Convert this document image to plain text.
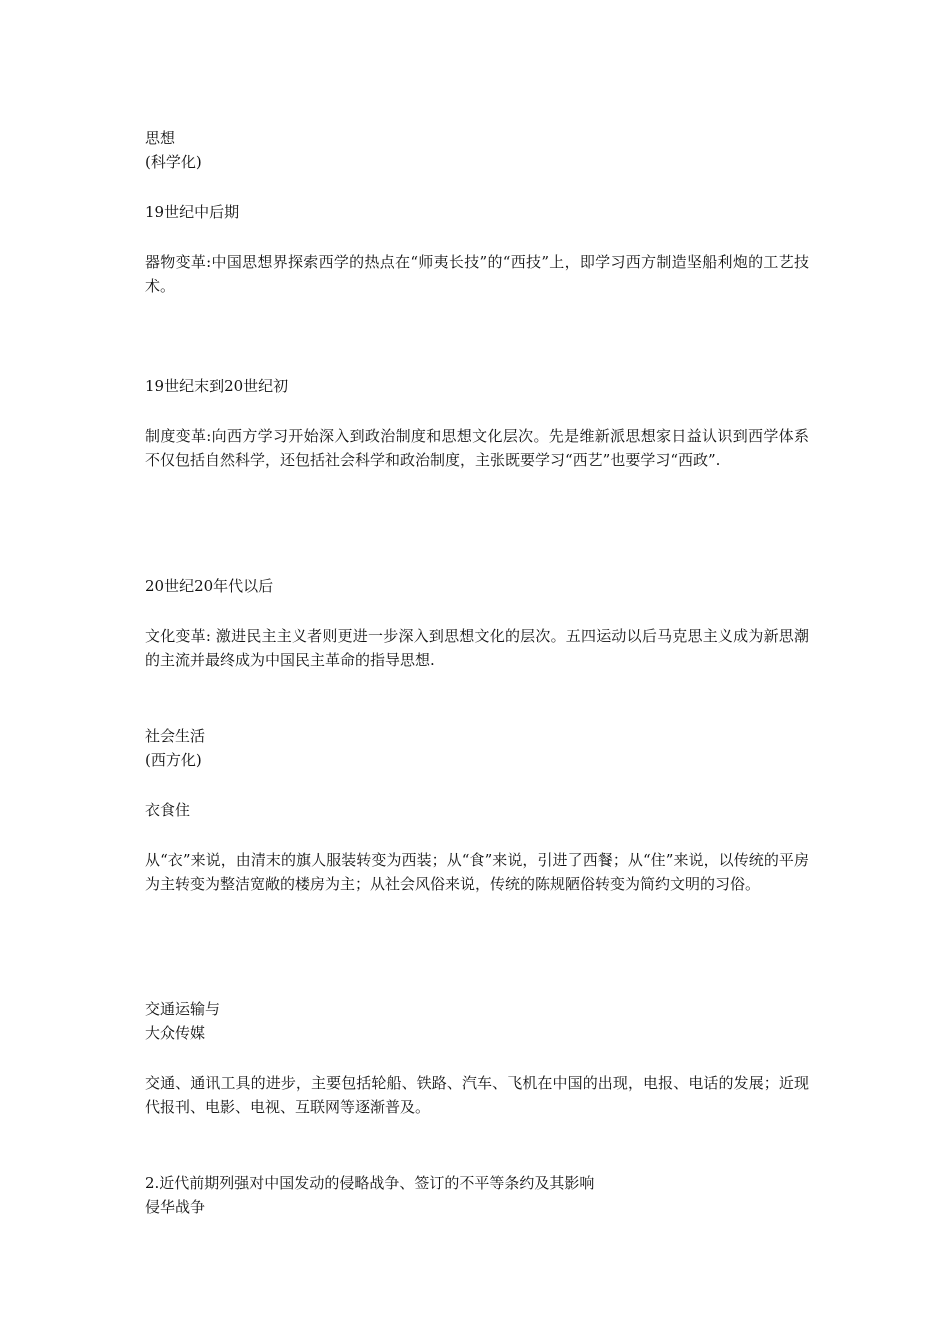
思想
(科学化)
19世纪中后期
器物变革:中国思想界探索西学的热点在“师夷长技”的“西技”上，即学习西方制造坚船利炮的工艺技术。
19世纪末到20世纪初
制度变革:向西方学习开始深入到政治制度和思想文化层次。先是维新派思想家日益认识到西学体系不仅包括自然科学，还包括社会科学和政治制度，主张既要学习“西艺”也要学习“西政”.
20世纪20年代以后
文化变革: 激进民主主义者则更进一步深入到思想文化的层次。五四运动以后马克思主义成为新思潮的主流并最终成为中国民主革命的指导思想.
社会生活
(西方化)
衣食住
从“衣”来说，由清末的旗人服装转变为西装；从“食”来说，引进了西餐；从“住”来说，以传统的平房为主转变为整洁宽敞的楼房为主；从社会风俗来说，传统的陈规陋俗转变为简约文明的习俗。
交通运输与
大众传媒
交通、通讯工具的进步，主要包括轮船、铁路、汽车、飞机在中国的出现，电报、电话的发展；近现代报刊、电影、电视、互联网等逐渐普及。
2.近代前期列强对中国发动的侵略战争、签订的不平等条约及其影响
侵华战争
